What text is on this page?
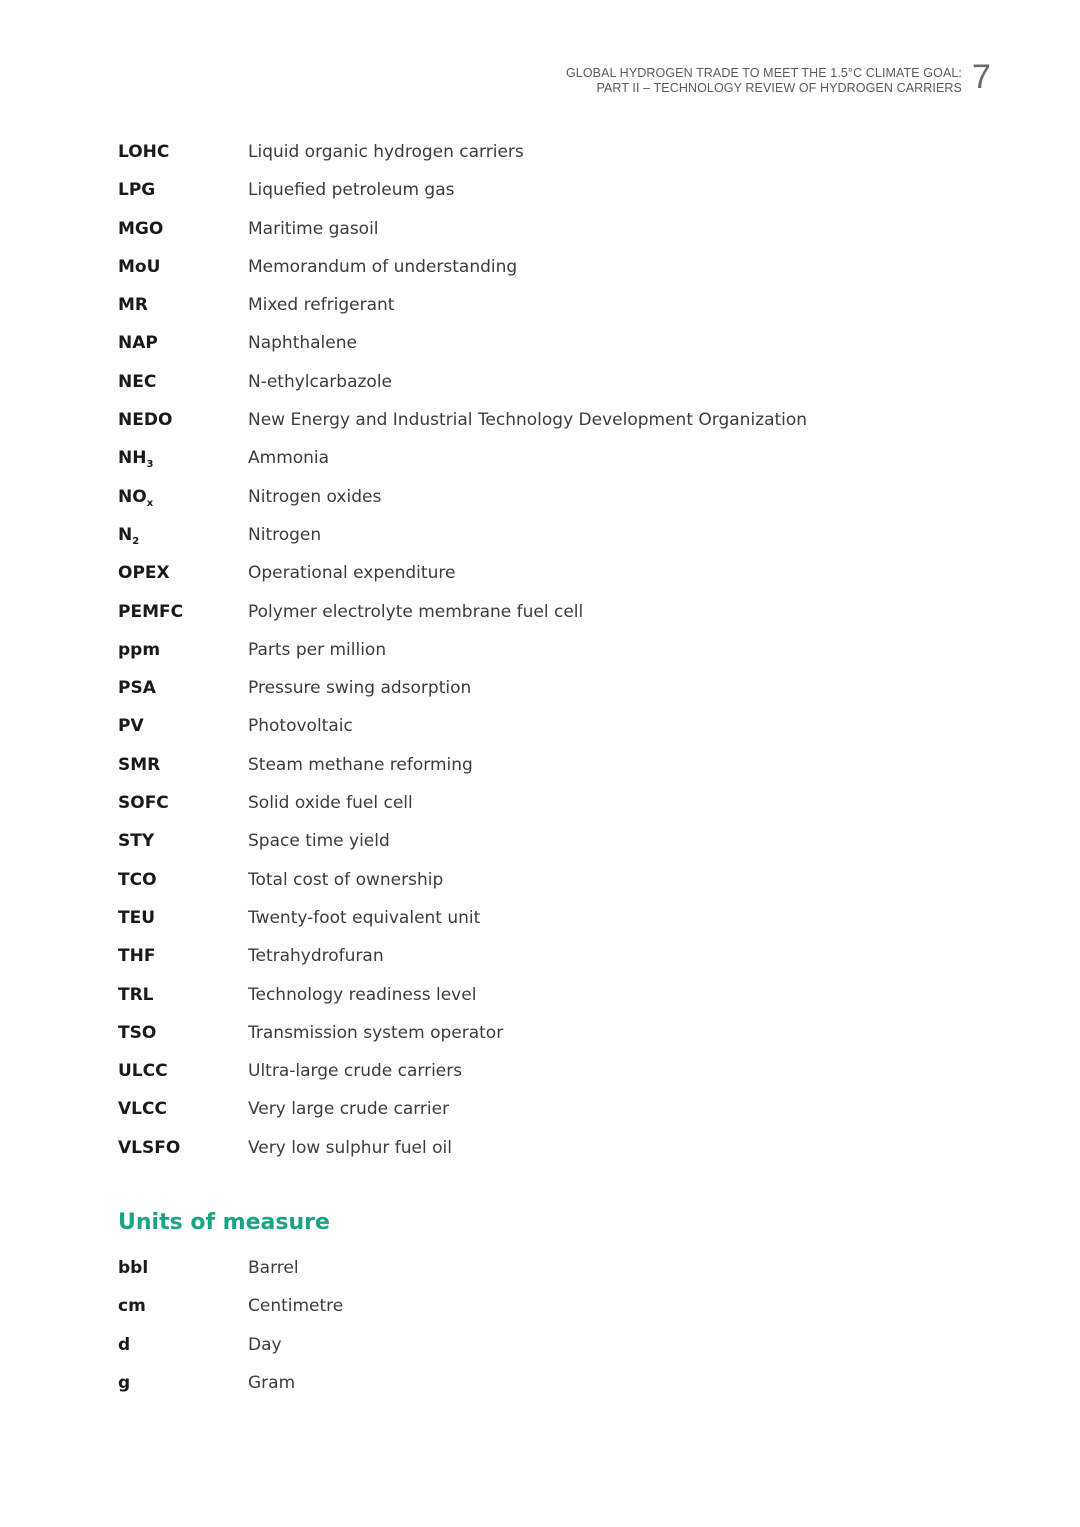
GLOBAL HYDROGEN TRADE TO MEET THE 1.5°C CLIMATE GOAL:
PART II – TECHNOLOGY REVIEW OF HYDROGEN CARRIERS 7
LOHC	Liquid organic hydrogen carriers
LPG	Liquefied petroleum gas
MGO	Maritime gasoil
MoU	Memorandum of understanding
MR	Mixed refrigerant
NAP	Naphthalene
NEC	N-ethylcarbazole
NEDO	New Energy and Industrial Technology Development Organization
$NH_3$	Ammonia
$NO_x$	Nitrogen oxides
$N_2$	Nitrogen
OPEX	Operational expenditure
PEMFC	Polymer electrolyte membrane fuel cell
ppm	Parts per million
PSA	Pressure swing adsorption
PV	Photovoltaic
SMR	Steam methane reforming
SOFC	Solid oxide fuel cell
STY	Space time yield
TCO	Total cost of ownership
TEU	Twenty-foot equivalent unit
THF	Tetrahydrofuran
TRL	Technology readiness level
TSO	Transmission system operator
ULCC	Ultra-large crude carriers
VLCC	Very large crude carrier
VLSFO	Very low sulphur fuel oil
Units of measure
bbl	Barrel
cm	Centimetre
d	Day
g	Gram
